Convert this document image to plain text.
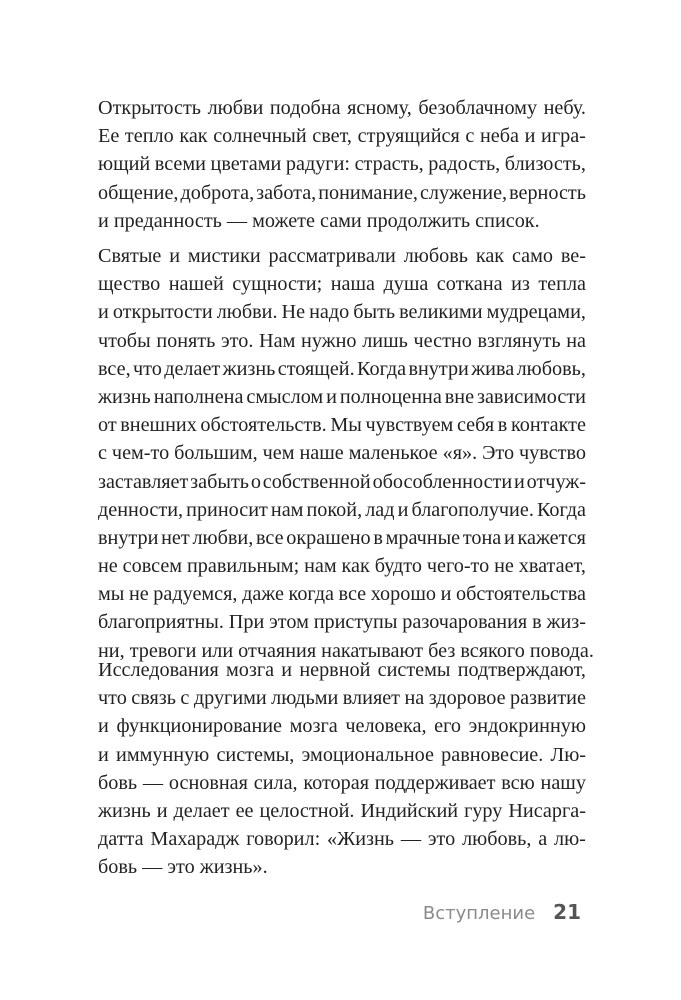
Открытость любви подобна ясному, безоблачному небу.
Ее тепло как солнечный свет, струящийся с неба и игра-
ющий всеми цветами радуги: страсть, радость, близость,
общение, доброта, забота, понимание, служение, верность
и преданность — можете сами продолжить список.
Святые и мистики рассматривали любовь как само ве-
щество нашей сущности; наша душа соткана из тепла
и открытости любви. Не надо быть великими мудрецами,
чтобы понять это. Нам нужно лишь честно взглянуть на
все, что делает жизнь стоящей. Когда внутри жива любовь,
жизнь наполнена смыслом и полноценна вне зависимости
от внешних обстоятельств. Мы чувствуем себя в контакте
с чем-то большим, чем наше маленькое «я». Это чувство
заставляет забыть о собственной обособленности и отчуж-
денности, приносит нам покой, лад и благополучие. Когда
внутри нет любви, все окрашено в мрачные тона и кажется
не совсем правильным; нам как будто чего-то не хватает,
мы не радуемся, даже когда все хорошо и обстоятельства
благоприятны. При этом приступы разочарования в жиз-
ни, тревоги или отчаяния накатывают без всякого повода.
Исследования мозга и нервной системы подтверждают,
что связь с другими людьми влияет на здоровое развитие
и функционирование мозга человека, его эндокринную
и иммунную системы, эмоциональное равновесие. Лю-
бовь — основная сила, которая поддерживает всю нашу
жизнь и делает ее целостной. Индийский гуру Нисарга-
датта Махарадж говорил: «Жизнь — это любовь, а лю-
бовь — это жизнь».
Вступление 21
